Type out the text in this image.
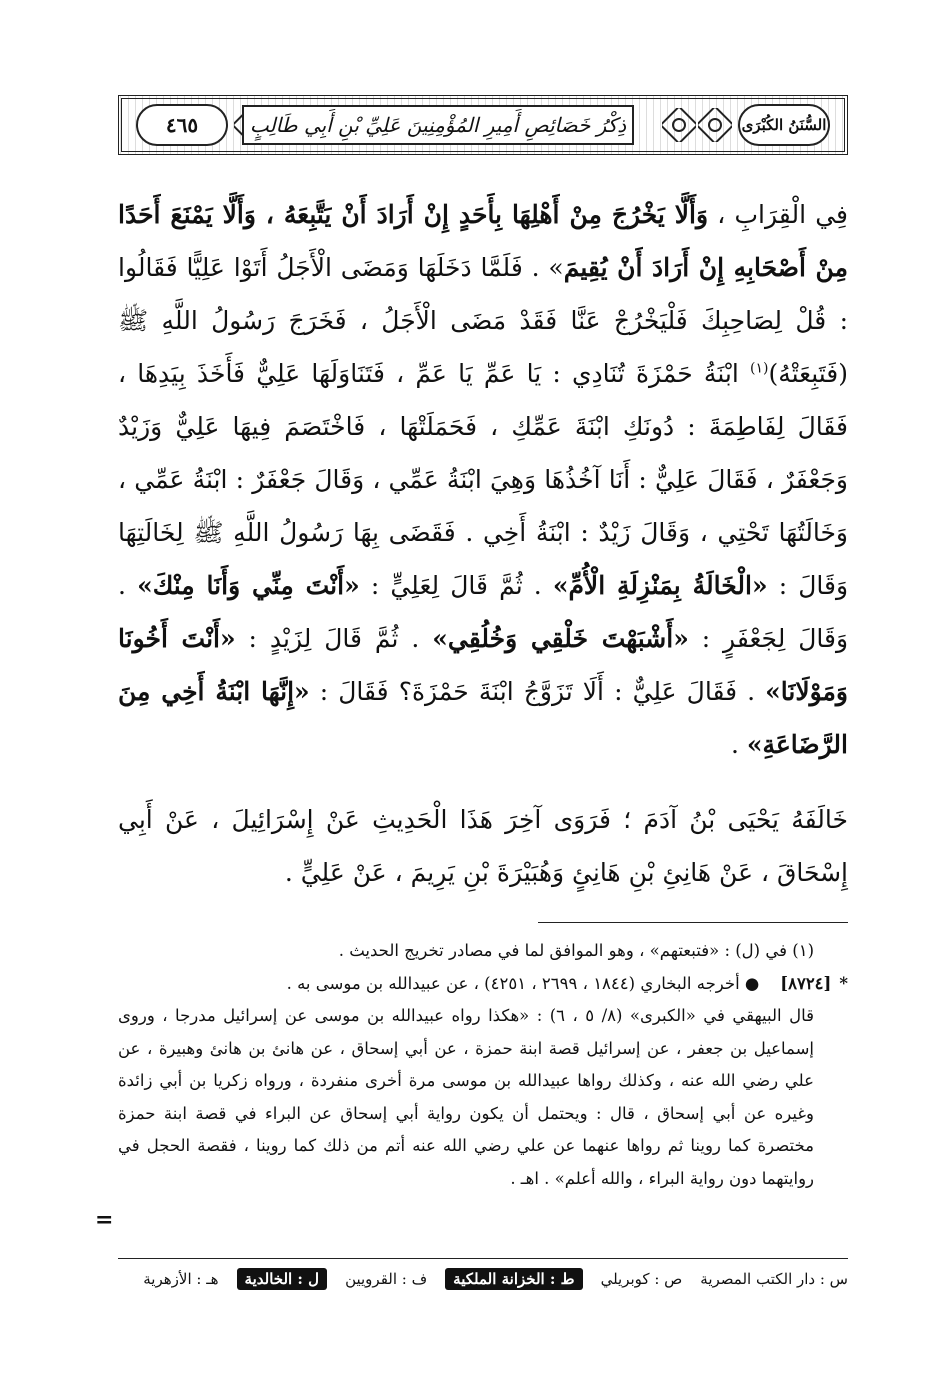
٤٦٥	ذِكْرُ خَصَائِصِ أَمِيرِ المُؤْمِنِينَ عَلِيِّ بْنِ أَبِي طَالِبٍ	السُّنَنُ الكُبْرَى

فِي الْقِرَابِ ، وَأَلَّا يَخْرُجَ مِنْ أَهْلِهَا بِأَحَدٍ إِنْ أَرَادَ أَنْ يَتَّبِعَهُ ، وَأَلَّا يَمْنَعَ أَحَدًا مِنْ أَصْحَابِهِ إِنْ أَرَادَ أَنْ يُقِيمَ» . فَلَمَّا دَخَلَهَا وَمَضَى الْأَجَلُ أَتَوْا عَلِيًّا فَقَالُوا : قُلْ لِصَاحِبِكَ فَلْيَخْرُجْ عَنَّا فَقَدْ مَضَى الْأَجَلُ ، فَخَرَجَ رَسُولُ اللَّهِ ﷺ (فَتَبِعَتْهُ)$^{(١)}$ ابْنَةُ حَمْزَةَ تُنَادِي : يَا عَمِّ يَا عَمِّ ، فَتَنَاوَلَهَا عَلِيٌّ فَأَخَذَ بِيَدِهَا ، فَقَالَ لِفَاطِمَةَ : دُونَكِ ابْنَةَ عَمِّكِ ، فَحَمَلَتْهَا ، فَاخْتَصَمَ فِيهَا عَلِيٌّ وَزَيْدٌ وَجَعْفَرٌ ، فَقَالَ عَلِيٌّ : أَنَا آخُذُهَا وَهِيَ ابْنَةُ عَمِّي ، وَقَالَ جَعْفَرٌ : ابْنَةُ عَمِّي ، وَخَالَتُهَا تَحْتِي ، وَقَالَ زَيْدٌ : ابْنَةُ أَخِي . فَقَضَى بِهَا رَسُولُ اللَّهِ ﷺ لِخَالَتِهَا وَقَالَ : «الْخَالَةُ بِمَنْزِلَةِ الْأُمِّ» . ثُمَّ قَالَ لِعَلِيٍّ : «أَنْتَ مِنِّي وَأَنَا مِنْكَ» . وَقَالَ لِجَعْفَرٍ : «أَشْبَهْتَ خَلْقِي وَخُلُقِي» . ثُمَّ قَالَ لِزَيْدٍ : «أَنْتَ أَخُونَا وَمَوْلَانَا» . فَقَالَ عَلِيٌّ : أَلَا تَزَوَّجُ ابْنَةَ حَمْزَةَ؟ فَقَالَ : «إِنَّهَا ابْنَةُ أَخِي مِنَ الرَّضَاعَةِ» .

خَالَفَهُ يَحْيَى بْنُ آدَمَ ؛ فَرَوَى آخِرَ هَذَا الْحَدِيثِ عَنْ إِسْرَائِيلَ ، عَنْ أَبِي إِسْحَاقَ ، عَنْ هَانِئِ بْنِ هَانِئٍ وَهُبَيْرَةَ بْنِ يَرِيمَ ، عَنْ عَلِيٍّ .

(١) في (ل) : «فتبعتهم» ، وهو الموافق لما في مصادر تخريج الحديث .

*[٨٧٢٤]    ● أخرجه البخاري (١٨٤٤ ، ٢٦٩٩ ، ٤٢٥١) ، عن عبيدالله بن موسى به .

قال البيهقي في «الكبرى» (٨/ ٥ ، ٦) : «هكذا رواه عبيدالله بن موسى عن إسرائيل مدرجا ، وروى إسماعيل بن جعفر ، عن إسرائيل قصة ابنة حمزة ، عن أبي إسحاق ، عن هانئ بن هانئ وهبيرة ، عن علي رضي الله عنه ، وكذلك رواها عبيدالله بن موسى مرة أخرى منفردة ، ورواه زكريا بن أبي زائدة وغيره عن أبي إسحاق ، قال : ويحتمل أن يكون رواية أبي إسحاق عن البراء في قصة ابنة حمزة مختصرة كما روينا ثم رواها عنهما عن علي رضي الله عنه أتم من ذلك كما روينا ، فقصة الحجل في روايتهما دون رواية البراء ، والله أعلم» . اهـ .

=
س : دار الكتب المصرية
ص : كوبريلي
ط : الخزانة الملكية
ف : القرويين
ل : الخالدية
هـ : الأزهرية
